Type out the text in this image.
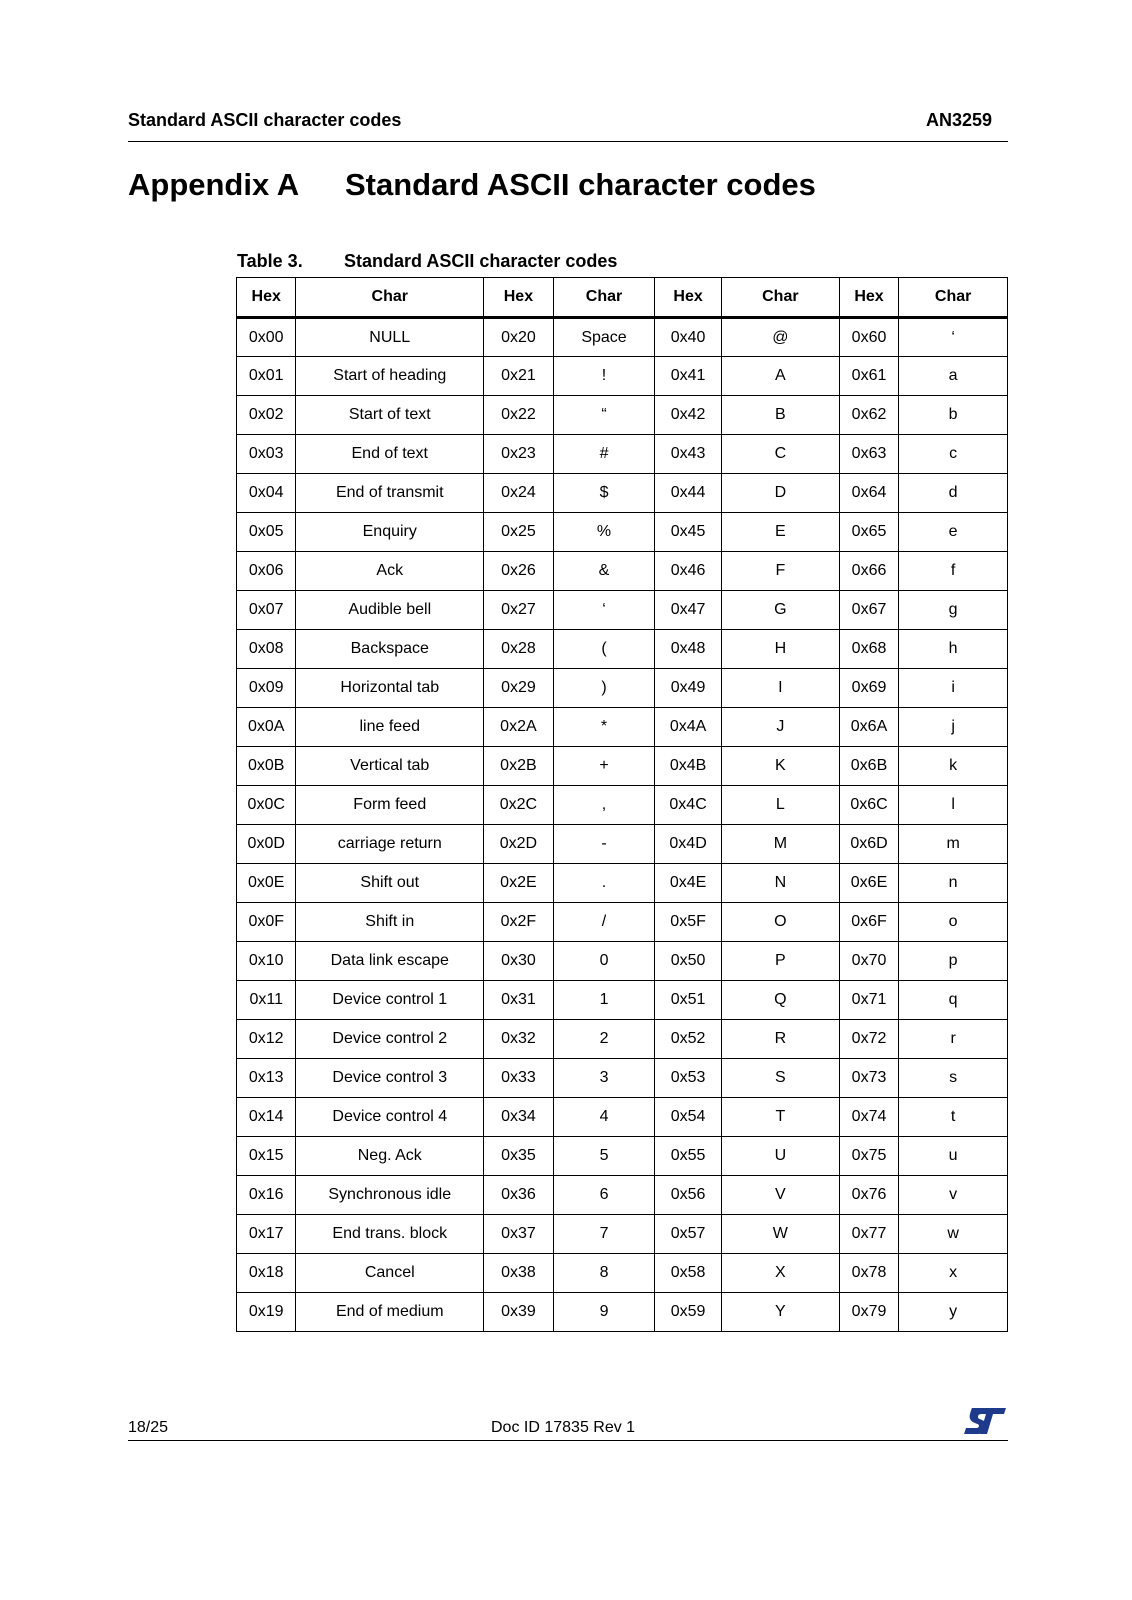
Standard ASCII character codes	AN3259
Appendix A Standard ASCII character codes
Table 3. Standard ASCII character codes
Hex	Char	Hex	Char	Hex	Char	Hex	Char
0x00	NULL	0x20	Space	0x40	@	0x60	‘
0x01	Start of heading	0x21	!	0x41	A	0x61	a
0x02	Start of text	0x22	“	0x42	B	0x62	b
0x03	End of text	0x23	#	0x43	C	0x63	c
0x04	End of transmit	0x24	$	0x44	D	0x64	d
0x05	Enquiry	0x25	%	0x45	E	0x65	e
0x06	Ack	0x26	&	0x46	F	0x66	f
0x07	Audible bell	0x27	‘	0x47	G	0x67	g
0x08	Backspace	0x28	(	0x48	H	0x68	h
0x09	Horizontal tab	0x29	)	0x49	I	0x69	i
0x0A	line feed	0x2A	*	0x4A	J	0x6A	j
0x0B	Vertical tab	0x2B	+	0x4B	K	0x6B	k
0x0C	Form feed	0x2C	,	0x4C	L	0x6C	l
0x0D	carriage return	0x2D	-	0x4D	M	0x6D	m
0x0E	Shift out	0x2E	.	0x4E	N	0x6E	n
0x0F	Shift in	0x2F	/	0x5F	O	0x6F	o
0x10	Data link escape	0x30	0	0x50	P	0x70	p
0x11	Device control 1	0x31	1	0x51	Q	0x71	q
0x12	Device control 2	0x32	2	0x52	R	0x72	r
0x13	Device control 3	0x33	3	0x53	S	0x73	s
0x14	Device control 4	0x34	4	0x54	T	0x74	t
0x15	Neg. Ack	0x35	5	0x55	U	0x75	u
0x16	Synchronous idle	0x36	6	0x56	V	0x76	v
0x17	End trans. block	0x37	7	0x57	W	0x77	w
0x18	Cancel	0x38	8	0x58	X	0x78	x
0x19	End of medium	0x39	9	0x59	Y	0x79	y
18/25	Doc ID 17835 Rev 1
